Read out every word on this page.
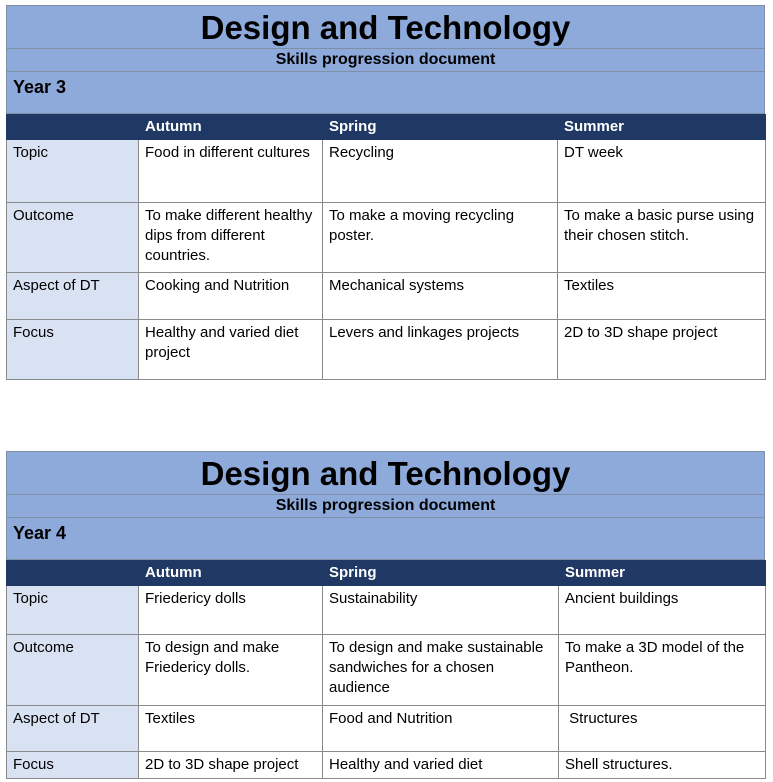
Design and Technology
Skills progression document
Year 3
	Autumn	Spring	Summer
Topic	Food in different cultures	Recycling	DT week
Outcome	To make different healthy dips from different countries.	To make a moving recycling poster.	To make a basic purse using their chosen stitch.
Aspect of DT	Cooking and Nutrition	Mechanical systems	Textiles
Focus	Healthy and varied diet project	Levers and linkages projects	2D to 3D shape project
Design and Technology
Skills progression document
Year 4
	Autumn	Spring	Summer
Topic	Friedericy dolls	Sustainability	Ancient buildings
Outcome	To design and make Friedericy dolls.	To design and make sustainable sandwiches for a chosen audience	To make a 3D model of the Pantheon.
Aspect of DT	Textiles	Food and Nutrition	Structures
Focus	2D to 3D shape project	Healthy and varied diet	Shell structures.
